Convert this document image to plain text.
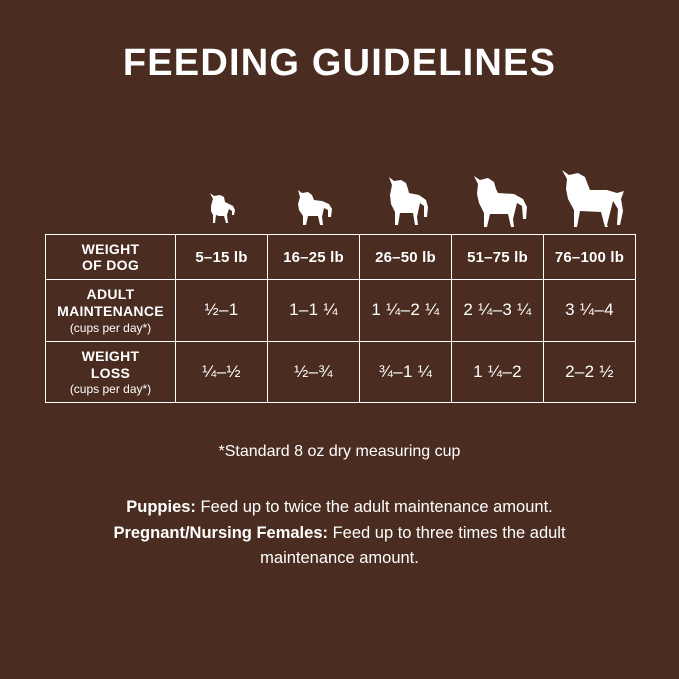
FEEDING GUIDELINES
WEIGHT
OF DOG	5–15 lb	16–25 lb	26–50 lb	51–75 lb	76–100 lb

ADULT
MAINTENANCE
(cups per day*)	½–1	1–1 ¼	1 ¼–2 ¼	2 ¼–3 ¼	3 ¼–4

WEIGHT
LOSS
(cups per day*)	¼–½	½–¾	¾–1 ¼	1 ¼–2	2–2 ½
*Standard 8 oz dry measuring cup
Puppies: Feed up to twice the adult maintenance amount.
Pregnant/Nursing Females: Feed up to three times the adult
maintenance amount.
